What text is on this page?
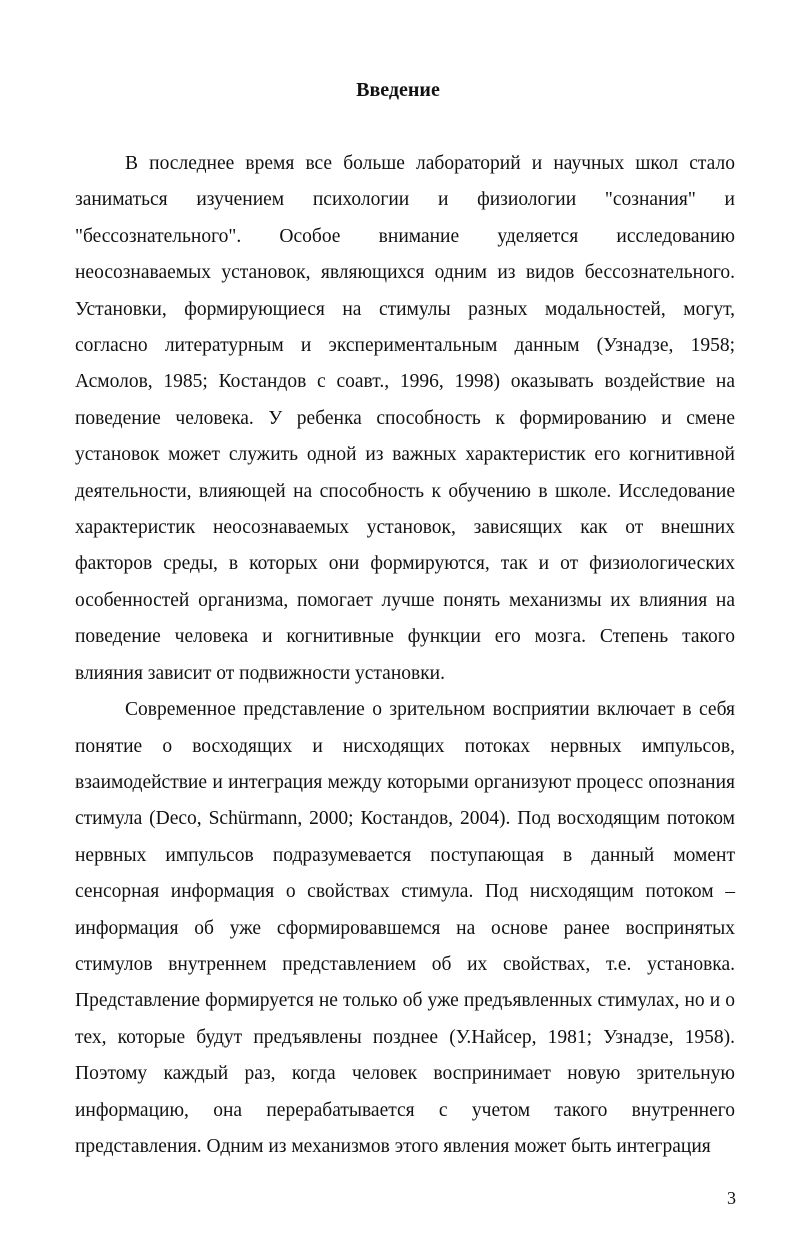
Введение

В последнее время все больше лабораторий и научных школ стало заниматься изучением психологии и физиологии "сознания" и "бессознательного". Особое внимание уделяется исследованию неосознаваемых установок, являющихся одним из видов бессознательного. Установки, формирующиеся на стимулы разных модальностей, могут, согласно литературным и экспериментальным данным (Узнадзе, 1958; Асмолов, 1985; Костандов с соавт., 1996, 1998) оказывать воздействие на поведение человека. У ребенка способность к формированию и смене установок может служить одной из важных характеристик его когнитивной деятельности, влияющей на способность к обучению в школе. Исследование характеристик неосознаваемых установок, зависящих как от внешних факторов среды, в которых они формируются, так и от физиологических особенностей организма, помогает лучше понять механизмы их влияния на поведение человека и когнитивные функции его мозга. Степень такого влияния зависит от подвижности установки.

Современное представление о зрительном восприятии включает в себя понятие о восходящих и нисходящих потоках нервных импульсов, взаимодействие и интеграция между которыми организуют процесс опознания стимула (Deco, Schürmann, 2000; Костандов, 2004). Под восходящим потоком нервных импульсов подразумевается поступающая в данный момент сенсорная информация о свойствах стимула. Под нисходящим потоком – информация об уже сформировавшемся на основе ранее воспринятых стимулов внутреннем представлением об их свойствах, т.е. установка. Представление формируется не только об уже предъявленных стимулах, но и о тех, которые будут предъявлены позднее (У.Найсер, 1981; Узнадзе, 1958). Поэтому каждый раз, когда человек воспринимает новую зрительную информацию, она перерабатывается с учетом такого внутреннего представления. Одним из механизмов этого явления может быть интеграция

3
